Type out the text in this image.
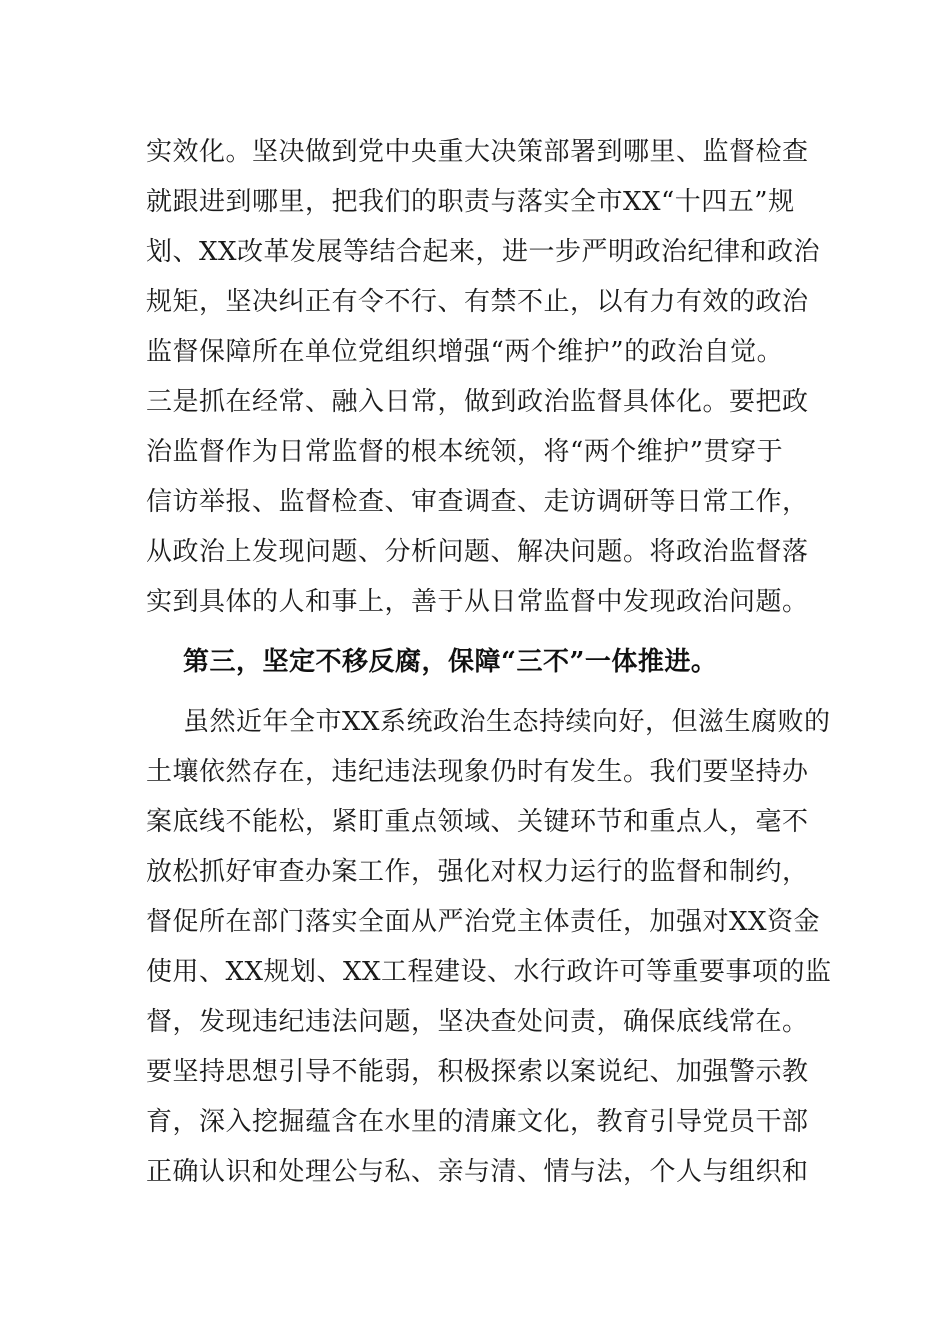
实效化。坚决做到党中央重大决策部署到哪里、监督检查
就跟进到哪里，把我们的职责与落实全市XX“十四五”规
划、XX改革发展等结合起来，进一步严明政治纪律和政治
规矩，坚决纠正有令不行、有禁不止，以有力有效的政治
监督保障所在单位党组织增强“两个维护”的政治自觉。
三是抓在经常、融入日常，做到政治监督具体化。要把政
治监督作为日常监督的根本统领，将“两个维护”贯穿于
信访举报、监督检查、审查调查、走访调研等日常工作，
从政治上发现问题、分析问题、解决问题。将政治监督落
实到具体的人和事上，善于从日常监督中发现政治问题。
第三，坚定不移反腐，保障“三不”一体推进。
虽然近年全市XX系统政治生态持续向好，但滋生腐败的
土壤依然存在，违纪违法现象仍时有发生。我们要坚持办
案底线不能松，紧盯重点领域、关键环节和重点人，毫不
放松抓好审查办案工作，强化对权力运行的监督和制约，
督促所在部门落实全面从严治党主体责任，加强对XX资金
使用、XX规划、XX工程建设、水行政许可等重要事项的监
督，发现违纪违法问题，坚决查处问责，确保底线常在。
要坚持思想引导不能弱，积极探索以案说纪、加强警示教
育，深入挖掘蕴含在水里的清廉文化，教育引导党员干部
正确认识和处理公与私、亲与清、情与法，个人与组织和
